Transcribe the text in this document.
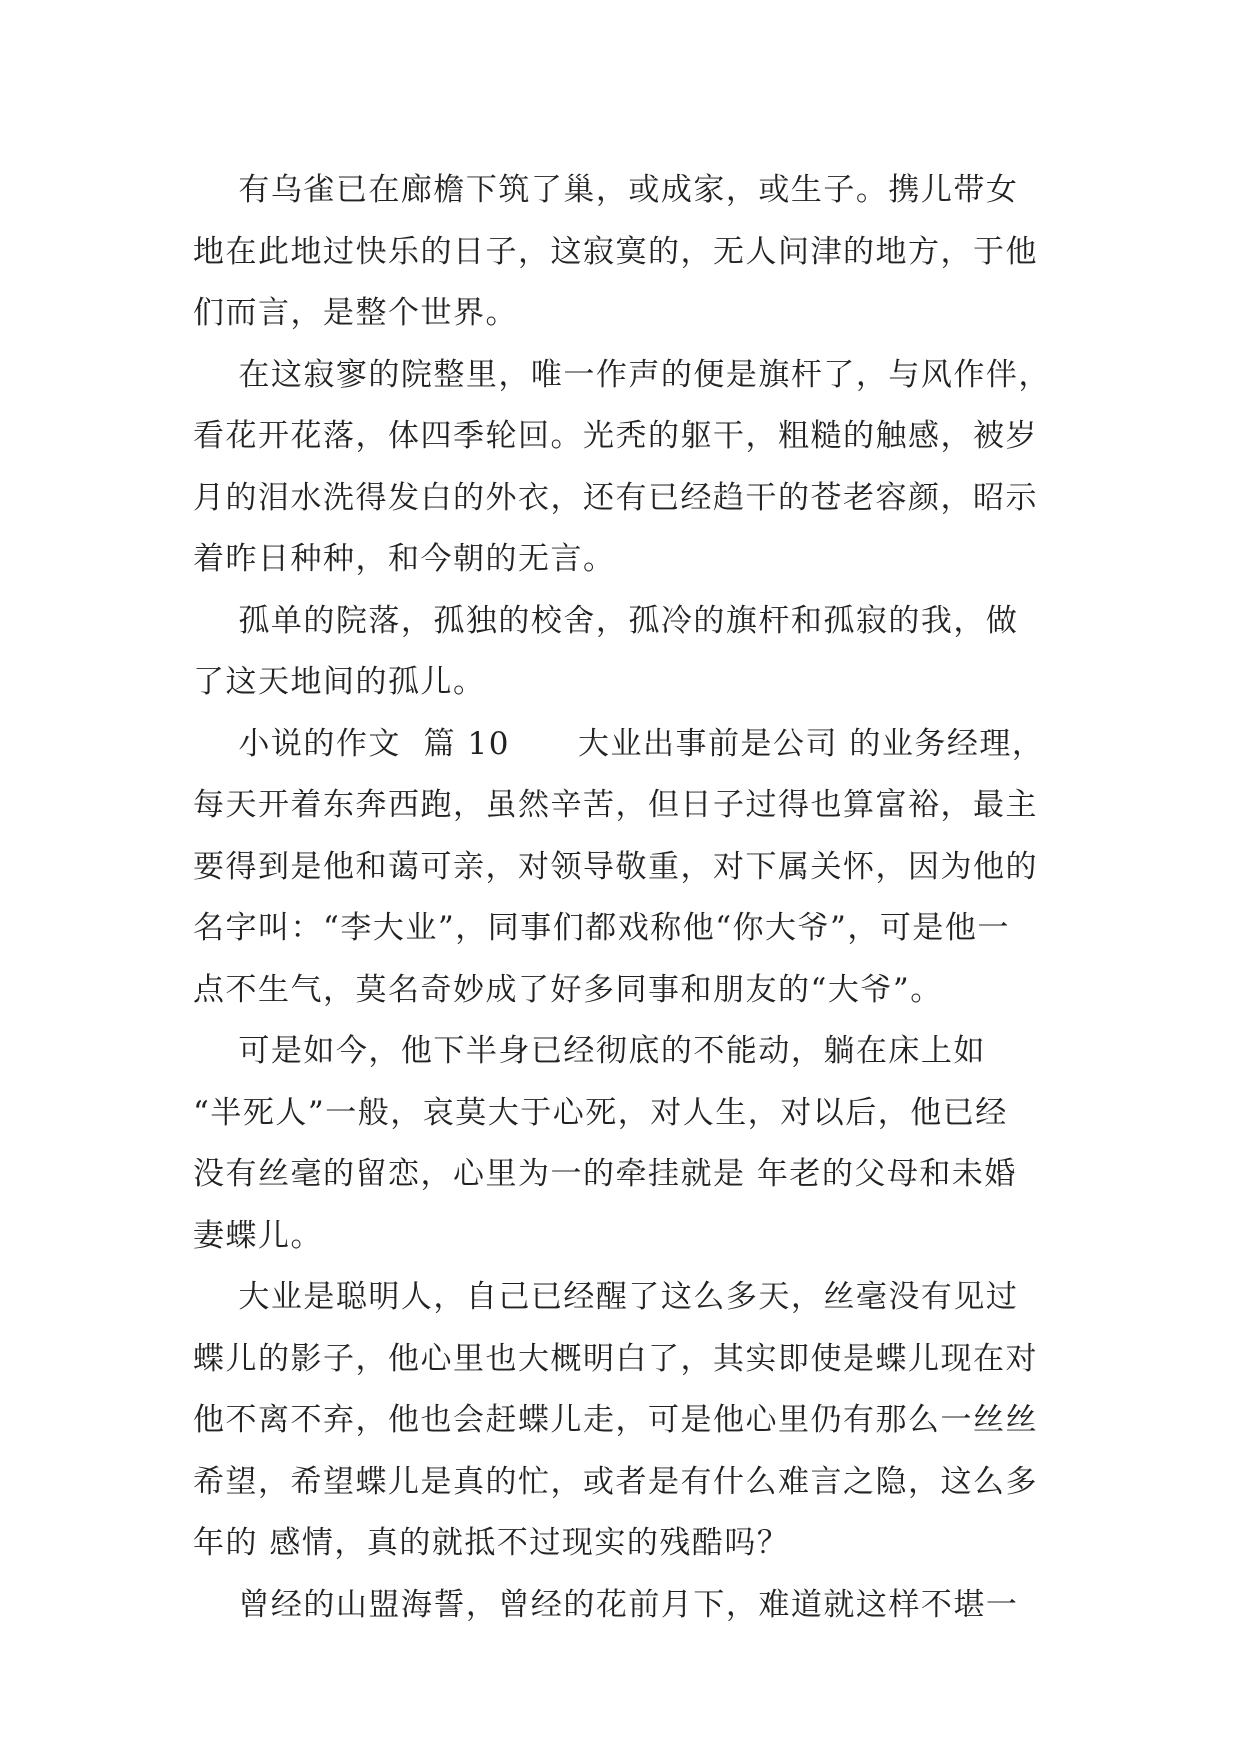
有乌雀已在廊檐下筑了巢，或成家，或生子。携儿带女
地在此地过快乐的日子，这寂寞的，无人问津的地方，于他
们而言，是整个世界。

在这寂寥的院整里，唯一作声的便是旗杆了，与风作伴，
看花开花落，体四季轮回。光秃的躯干，粗糙的触感，被岁
月的泪水洗得发白的外衣，还有已经趋干的苍老容颜，昭示
着昨日种种，和今朝的无言。

孤单的院落，孤独的校舍，孤冷的旗杆和孤寂的我，做
了这天地间的孤儿。

小说的作文  篇 10      大业出事前是公司 的业务经理，
每天开着东奔西跑，虽然辛苦，但日子过得也算富裕，最主
要得到是他和蔼可亲，对领导敬重，对下属关怀，因为他的
名字叫：“李大业”，同事们都戏称他“你大爷”，可是他一
点不生气，莫名奇妙成了好多同事和朋友的“大爷”。

可是如今，他下半身已经彻底的不能动，躺在床上如
“半死人”一般，哀莫大于心死，对人生，对以后，他已经
没有丝毫的留恋，心里为一的牵挂就是 年老的父母和未婚
妻蝶儿。

大业是聪明人，自己已经醒了这么多天，丝毫没有见过
蝶儿的影子，他心里也大概明白了，其实即使是蝶儿现在对
他不离不弃，他也会赶蝶儿走，可是他心里仍有那么一丝丝
希望，希望蝶儿是真的忙，或者是有什么难言之隐，这么多
年的 感情，真的就抵不过现实的残酷吗？

曾经的山盟海誓，曾经的花前月下，难道就这样不堪一
